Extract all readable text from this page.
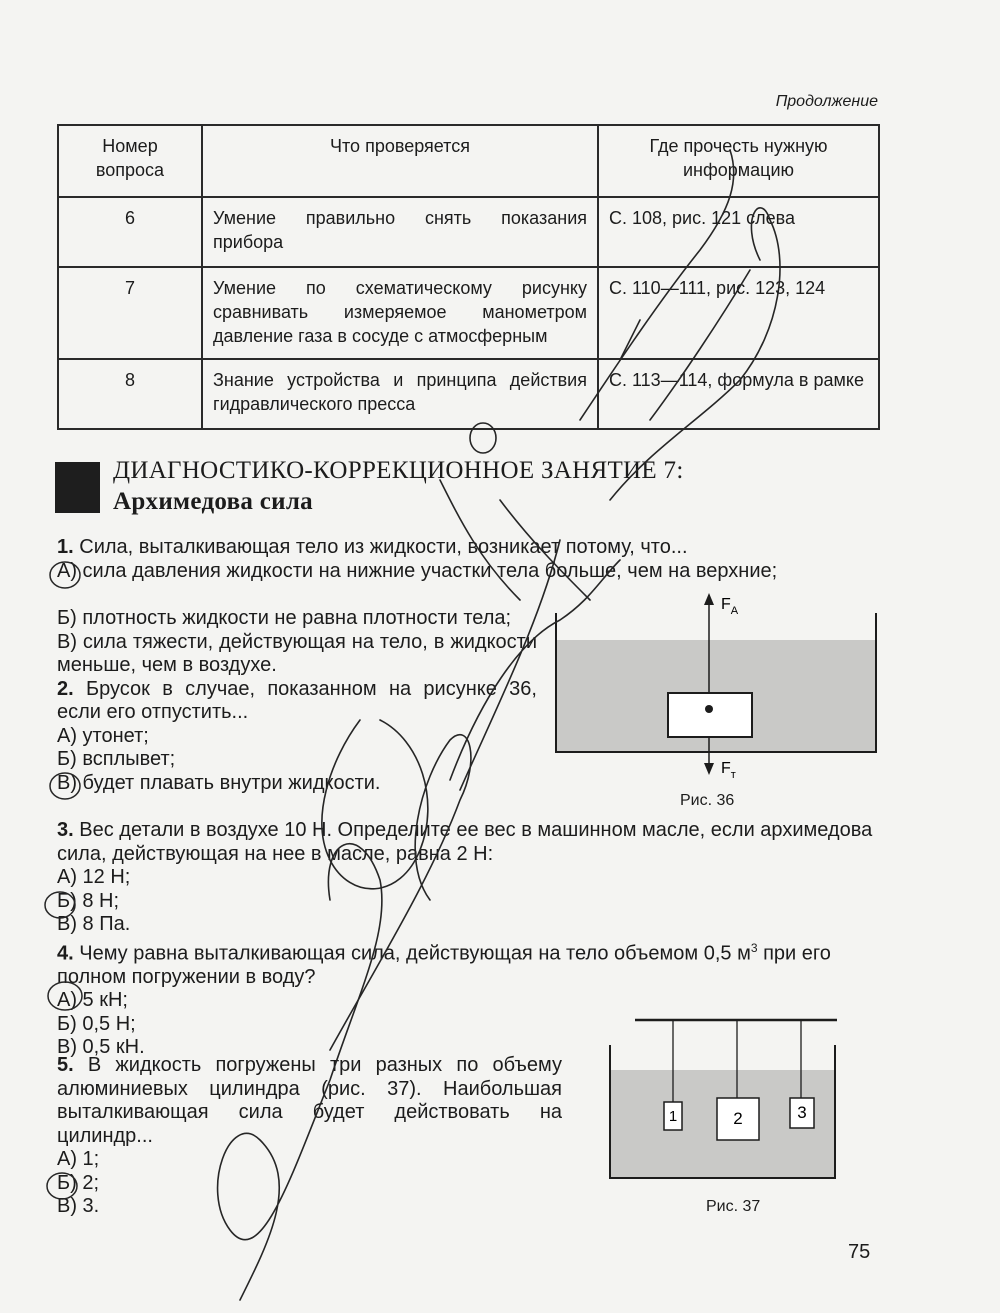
Продолжение
Номер вопроса	Что проверяется	Где прочесть нужную информацию
6	Умение правильно снять показания прибора	С. 108, рис. 121 слева
7	Умение по схематическому рисунку сравнивать измеряемое манометром давление газа в сосуде с атмосферным	С. 110—111, рис. 123, 124
8	Знание устройства и принципа действия гидравлического пресса	С. 113—114, формула в рамке
ДИАГНОСТИКО-КОРРЕКЦИОННОЕ ЗАНЯТИЕ 7:
Архимедова сила

1. Сила, выталкивающая тело из жидкости, возникает потому, что...

А) сила давления жидкости на нижние участки тела больше, чем на верхние;

Б) плотность жидкости не равна плотности тела;

В) сила тяжести, действующая на тело, в жидкости меньше, чем в воздухе.

2. Брусок в случае, показанном на рисунке 36, если его отпустить...

А) утонет;

Б) всплывет;

В) будет плавать внутри жидкости.

3. Вес детали в воздухе 10 Н. Определите ее вес в машинном масле, если архимедова сила, действующая на нее в масле, равна 2 Н:

А) 12 Н;

Б) 8 Н;

В) 8 Па.

4. Чему равна выталкивающая сила, действующая на тело объемом 0,5 $м^3$ при его полном погружении в воду?

А) 5 кН;

Б) 0,5 Н;

В) 0,5 кН.

5. В жидкость погружены три разных по объему алюминиевых цилиндра (рис. 37). Наибольшая выталкивающая сила будет действовать на цилиндр...

А) 1;

Б) 2;

В) 3.

$F_A$
$F_т$
Рис. 36
1	2	3
Рис. 37
75
